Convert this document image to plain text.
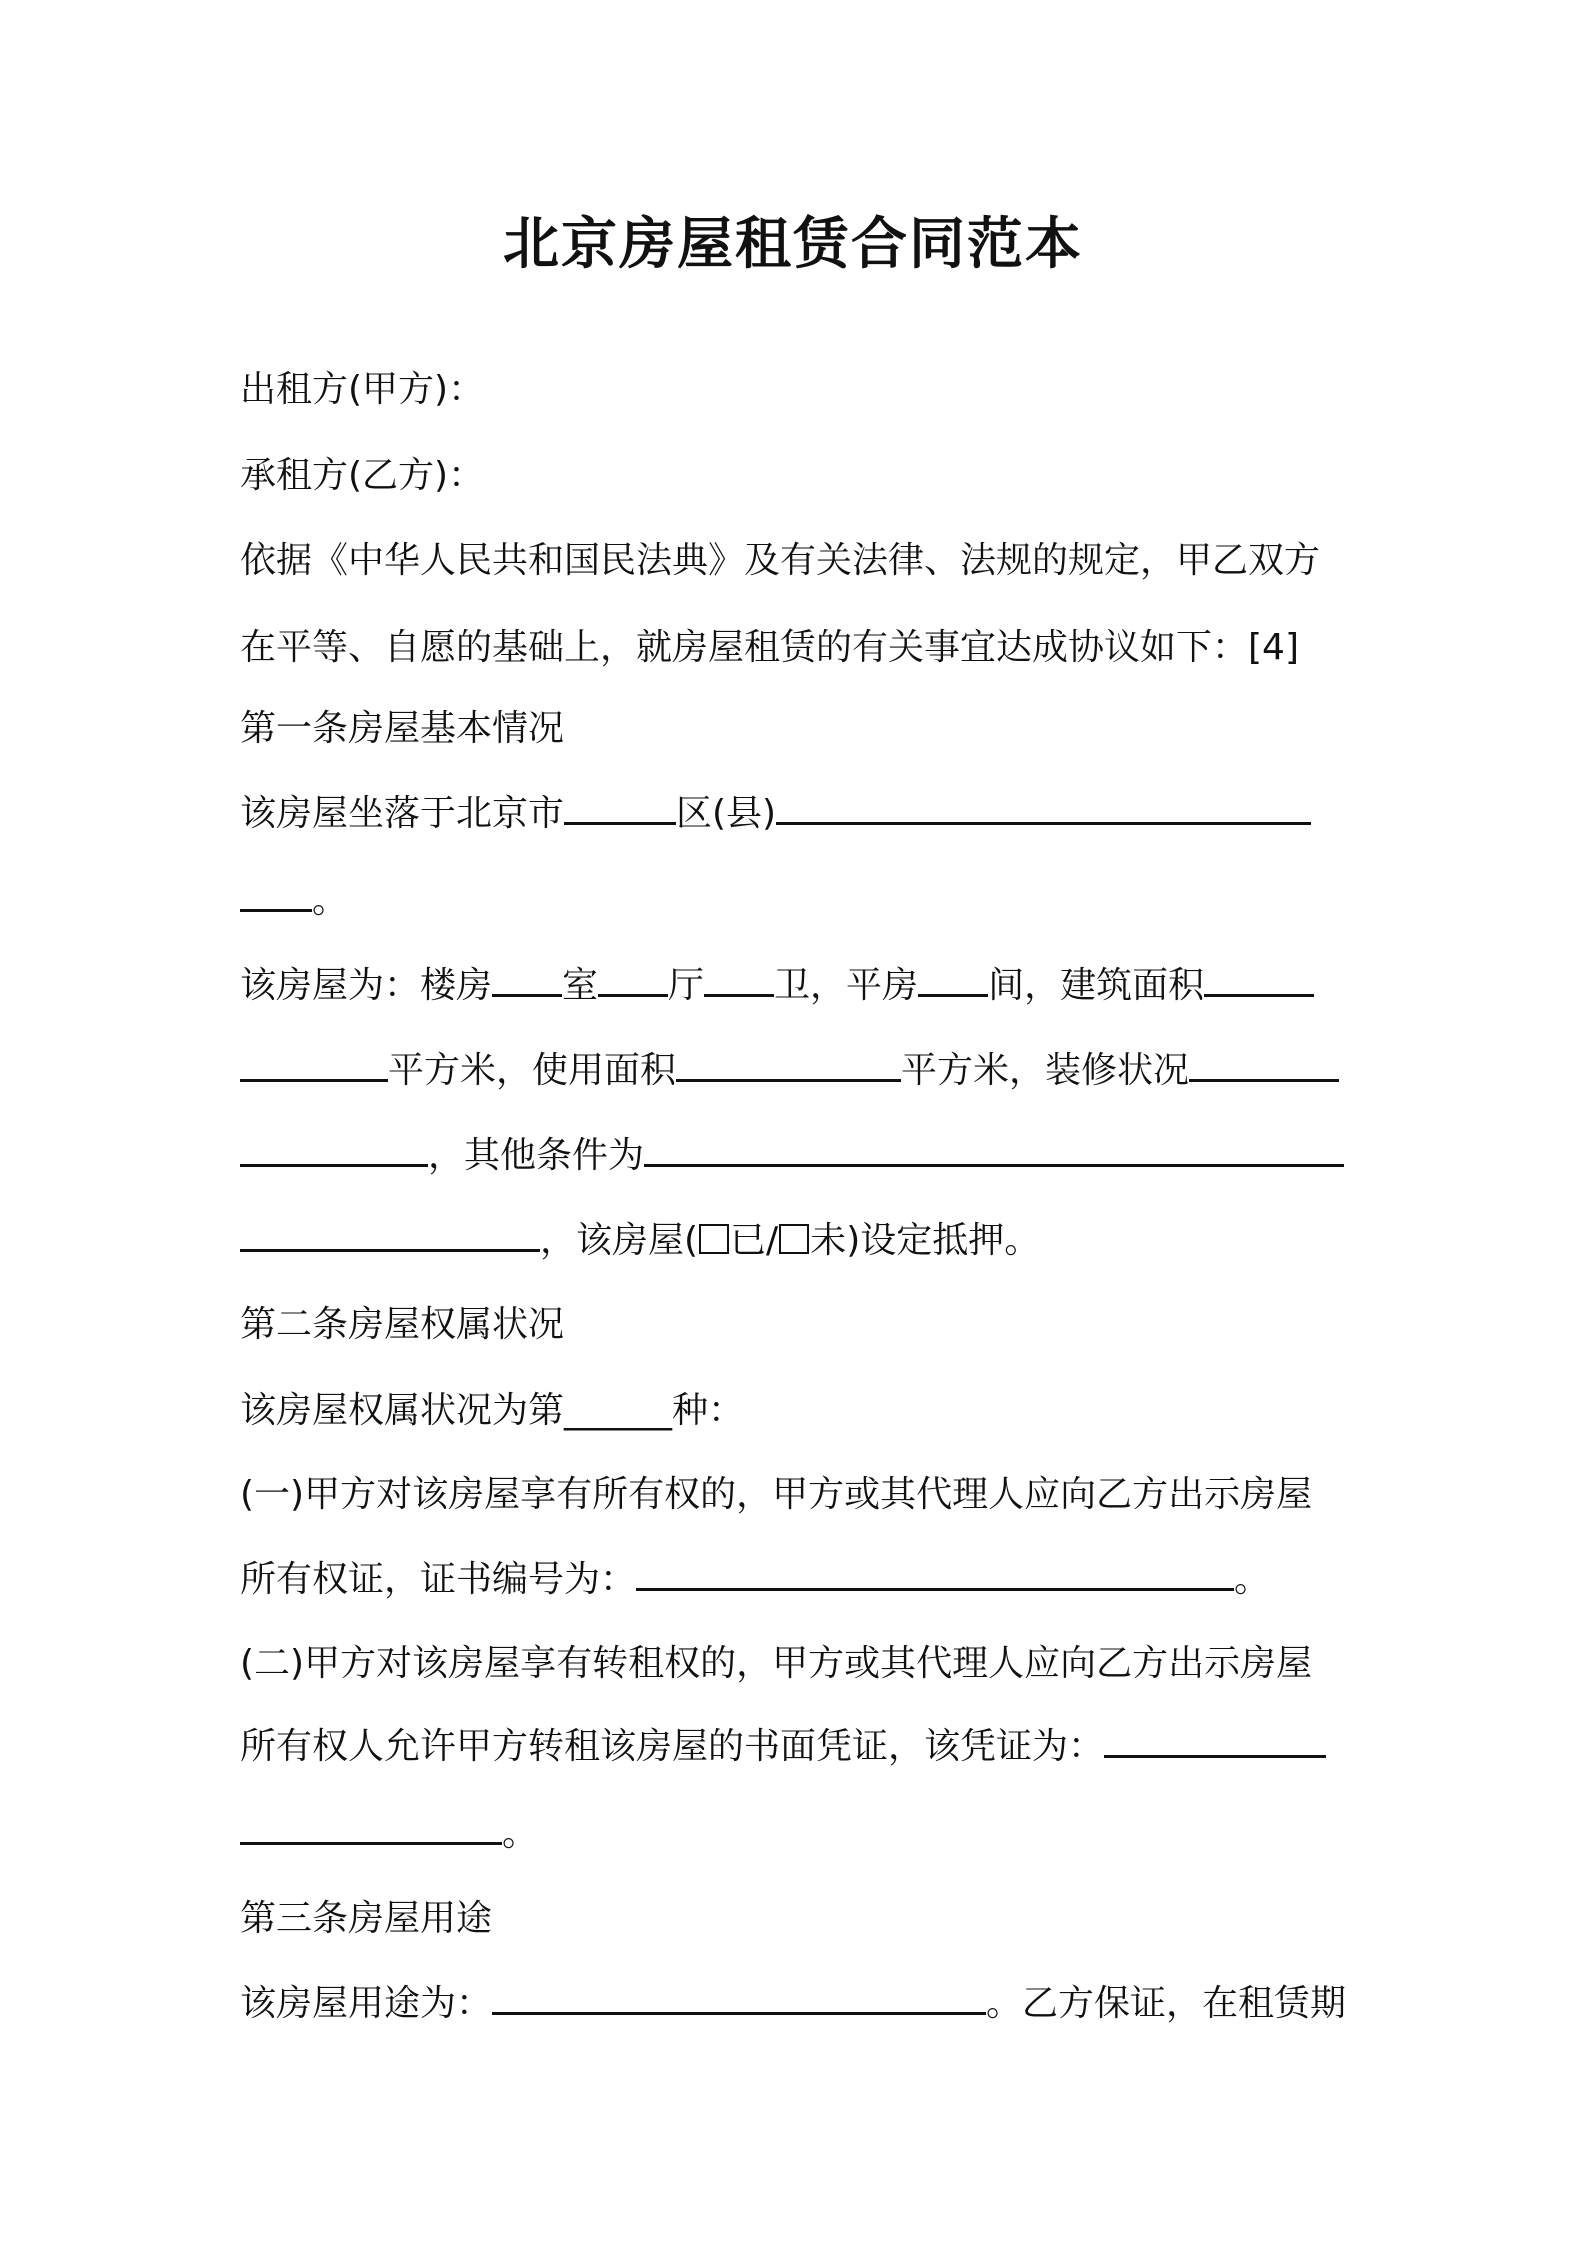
北京房屋租赁合同范本
出租方(甲方)：
承租方(乙方)：
依据《中华人民共和国民法典》及有关法律、法规的规定，甲乙双方
在平等、自愿的基础上，就房屋租赁的有关事宜达成协议如下：[4]
第一条房屋基本情况
该房屋坐落于北京市	区(县)
。
该房屋为：楼房 室 厅 卫，平房 间，建筑面积
平方米，使用面积	平方米，装修状况
，其他条件为
，该房屋( 已/ 未)设定抵押。
第二条房屋权属状况
该房屋权属状况为第______种：
(一)甲方对该房屋享有所有权的，甲方或其代理人应向乙方出示房屋
所有权证，证书编号为：	。
(二)甲方对该房屋享有转租权的，甲方或其代理人应向乙方出示房屋
所有权人允许甲方转租该房屋的书面凭证，该凭证为：
。
第三条房屋用途
该房屋用途为：	。乙方保证，在租赁期
